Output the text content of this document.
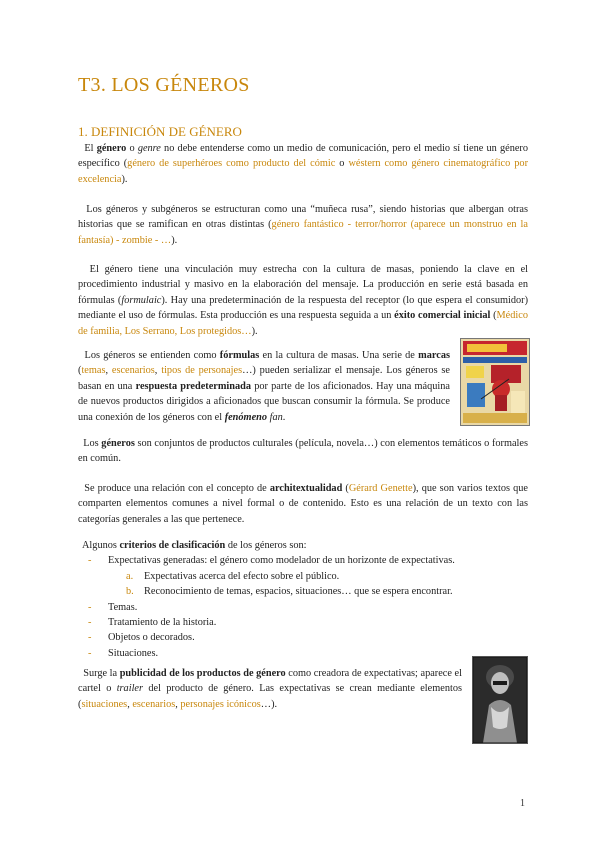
T3. LOS GÉNEROS
1. DEFINICIÓN DE GÉNERO

El género o genre no debe entenderse como un medio de comunicación, pero el medio sí tiene un género específico (género de superhéroes como producto del cómic o wéstern como género cinematográfico por excelencia).

Los géneros y subgéneros se estructuran como una “muñeca rusa”, siendo historias que albergan otras historias que se ramifican en otras distintas (género fantástico - terror/horror (aparece un monstruo en la fantasía) - zombie - …).

El género tiene una vinculación muy estrecha con la cultura de masas, poniendo la clave en el procedimiento industrial y masivo en la elaboración del mensaje. La producción en serie está basada en fórmulas (formulaic). Hay una predeterminación de la respuesta del receptor (lo que espera el consumidor) mediante el uso de fórmulas. Esta producción es una respuesta seguida a un éxito comercial inicial (Médico de familia, Los Serrano, Los protegidos…).

Los géneros se entienden como fórmulas en la cultura de masas. Una serie de marcas (temas, escenarios, tipos de personajes…) pueden serializar el mensaje. Los géneros se basan en una respuesta predeterminada por parte de los aficionados. Hay una máquina de nuevos productos dirigidos a aficionados que buscan consumir la fórmula. Se produce una conexión de los géneros con el fenómeno fan.

Los géneros son conjuntos de productos culturales (película, novela…) con elementos temáticos o formales en común.

Se produce una relación con el concepto de architextualidad (Gérard Genette), que son varios textos que comparten elementos comunes a nivel formal o de contenido. Esto es una relación de un texto con las categorías generales a las que pertenece.

Algunos criterios de clasificación de los géneros son:
- Expectativas generadas: el género como modelador de un horizonte de expectativas.
a. Expectativas acerca del efecto sobre el público.
b. Reconocimiento de temas, espacios, situaciones… que se espera encontrar.
- Temas.
- Tratamiento de la historia.
- Objetos o decorados.
- Situaciones.

Surge la publicidad de los productos de género como creadora de expectativas; aparece el cartel o trailer del producto de género. Las expectativas se crean mediante elementos (situaciones, escenarios, personajes icónicos…).

1
